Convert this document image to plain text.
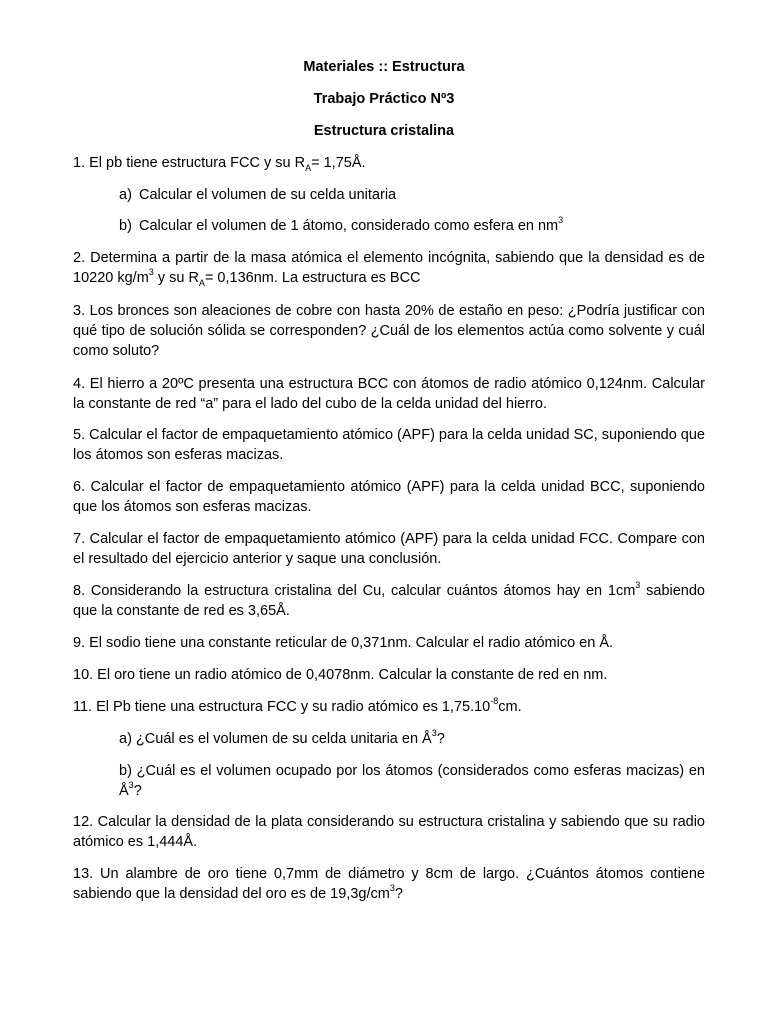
Materiales :: Estructura
Trabajo Práctico Nº3
Estructura cristalina
1. El pb tiene estructura FCC y su $R_A=$ 1,75Å.
a) Calcular el volumen de su celda unitaria
b) Calcular el volumen de 1 átomo, considerado como esfera en $nm^3$
2. Determina a partir de la masa atómica el elemento incógnita, sabiendo que la densidad es de 10220 $kg/m^3$ y su $R_A= 0,136nm$. La estructura es BCC
3. Los bronces son aleaciones de cobre con hasta 20% de estaño en peso: ¿Podría justificar con qué tipo de solución sólida se corresponden? ¿Cuál de los elementos actúa como solvente y cuál como soluto?
4. El hierro a 20ºC presenta una estructura BCC con átomos de radio atómico 0,124nm. Calcular la constante de red “a” para el lado del cubo de la celda unidad del hierro.
5. Calcular el factor de empaquetamiento atómico (APF) para la celda unidad SC, suponiendo que los átomos son esferas macizas.
6. Calcular el factor de empaquetamiento atómico (APF) para la celda unidad BCC, suponiendo que los átomos son esferas macizas.
7. Calcular el factor de empaquetamiento atómico (APF) para la celda unidad FCC. Compare con el resultado del ejercicio anterior y saque una conclusión.
8. Considerando la estructura cristalina del Cu, calcular cuántos átomos hay en $1cm^3$ sabiendo que la constante de red es 3,65Å.
9. El sodio tiene una constante reticular de 0,371nm. Calcular el radio atómico en Å.
10. El oro tiene un radio atómico de 0,4078nm. Calcular la constante de red en nm.
11. El Pb tiene una estructura FCC y su radio atómico es $1,75.10^{-8}cm$.
a) ¿Cuál es el volumen de su celda unitaria en $Å^3$?
b) ¿Cuál es el volumen ocupado por los átomos (considerados como esferas macizas) en $Å^3$?
12. Calcular la densidad de la plata considerando su estructura cristalina y sabiendo que su radio atómico es 1,444Å.
13. Un alambre de oro tiene 0,7mm de diámetro y 8cm de largo. ¿Cuántos átomos contiene sabiendo que la densidad del oro es de $19,3g/cm^3$?
